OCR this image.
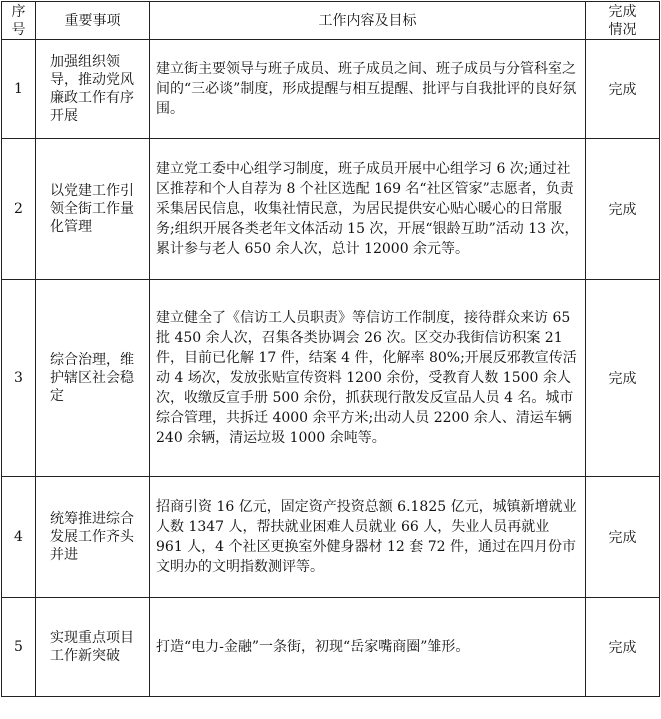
序号	重要事项	工作内容及目标	完成情况
1	加强组织领导，推动党风廉政工作有序开展	建立街主要领导与班子成员、班子成员之间、班子成员与分管科室之间的“三必谈”制度，形成提醒与相互提醒、批评与自我批评的良好氛围。	完成
2	以党建工作引领全街工作量化管理	建立党工委中心组学习制度，班子成员开展中心组学习 6 次;通过社区推荐和个人自荐为 8 个社区选配 169 名“社区管家”志愿者，负责采集居民信息，收集社情民意，为居民提供安心贴心暖心的日常服务;组织开展各类老年文体活动 15 次，开展“银龄互助”活动 13 次，累计参与老人 650 余人次，总计 12000 余元等。	完成
3	综合治理，维护辖区社会稳定	建立健全了《信访工人员职责》等信访工作制度，接待群众来访 65 批 450 余人次，召集各类协调会 26 次。区交办我街信访积案 21 件，目前已化解 17 件，结案 4 件，化解率 80%;开展反邪教宣传活动 4 场次，发放张贴宣传资料 1200 余份，受教育人数 1500 余人次，收缴反宣手册 500 余份，抓获现行散发反宣品人员 4 名。城市综合管理，共拆迁 4000 余平方米;出动人员 2200 余人、清运车辆 240 余辆，清运垃圾 1000 余吨等。	完成
4	统筹推进综合发展工作齐头并进	招商引资 16 亿元，固定资产投资总额 6.1825 亿元，城镇新增就业人数 1347 人，帮扶就业困难人员就业 66 人，失业人员再就业 961 人，4 个社区更换室外健身器材 12 套 72 件，通过在四月份市文明办的文明指数测评等。	完成
5	实现重点项目工作新突破	打造“电力-金融”一条街，初现“岳家嘴商圈”雏形。	完成
